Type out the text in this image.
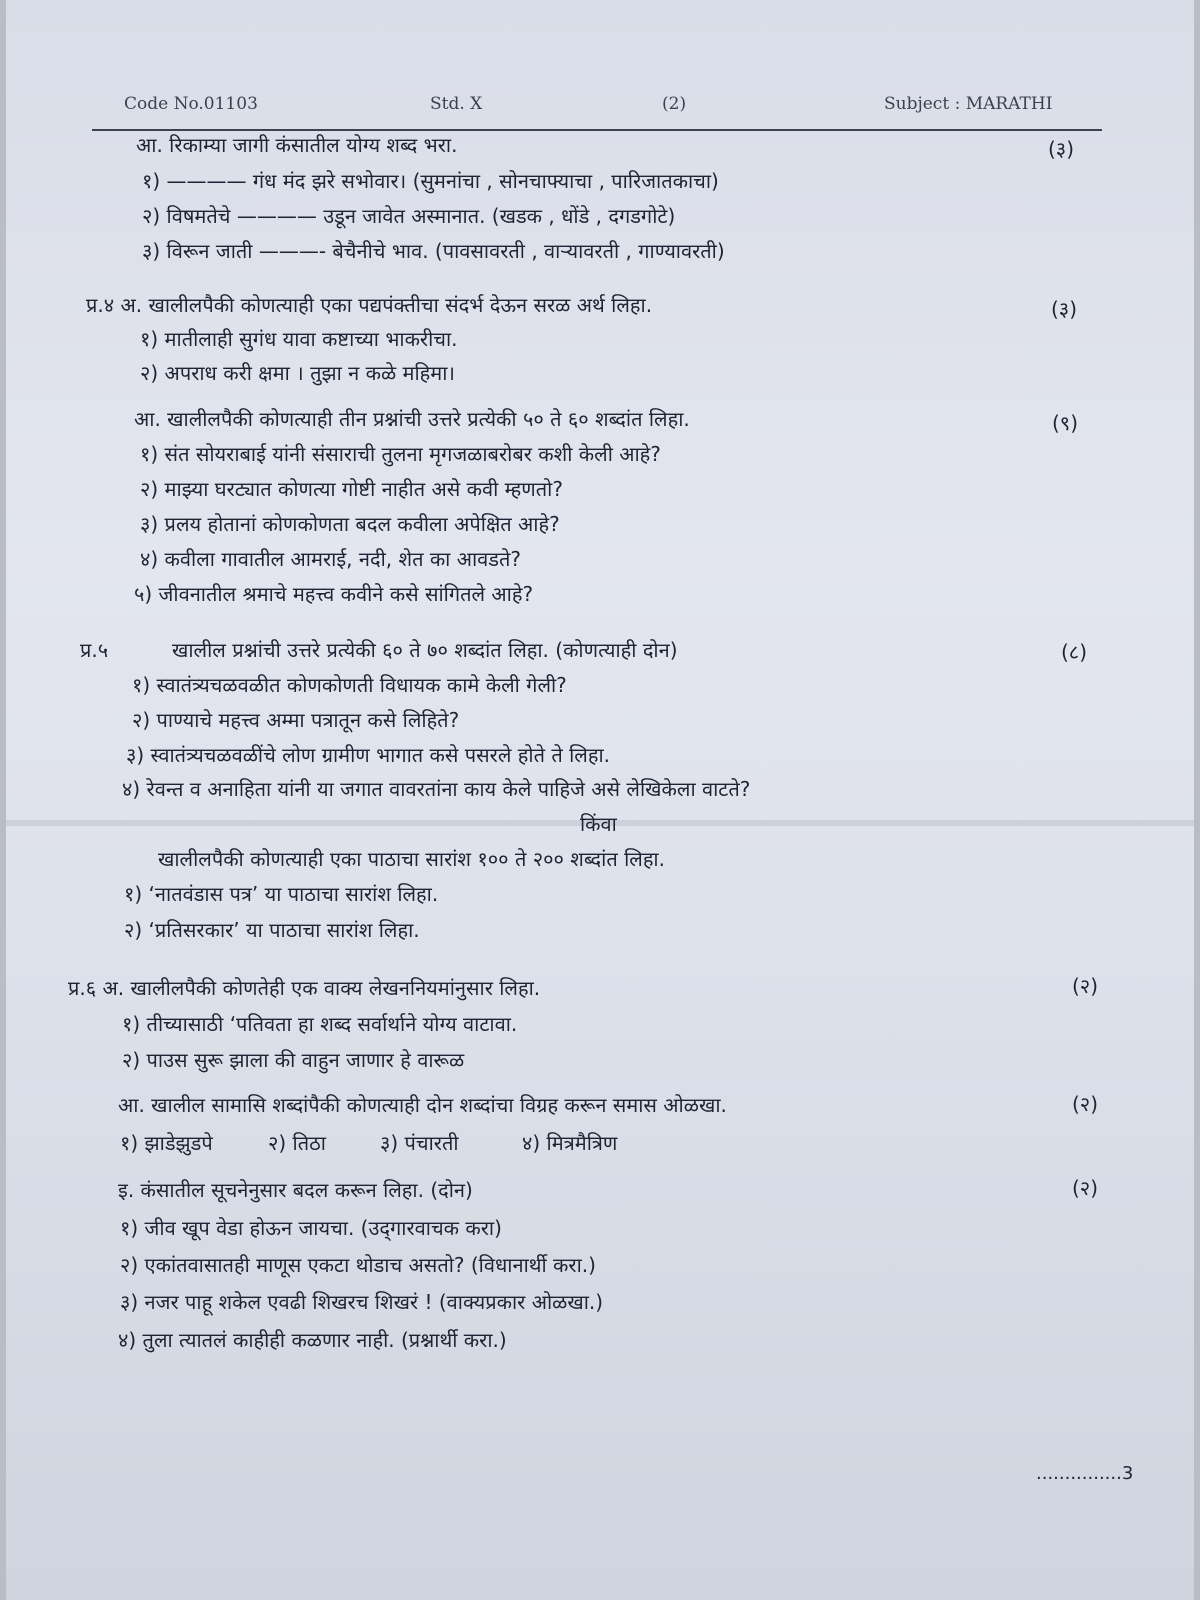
Code No.01103	Std. X	(2)	Subject : MARATHI
आ. रिकाम्या जागी कंसातील योग्य शब्द भरा.	(३)
१) ———— गंध मंद झरे सभोवार। (सुमनांचा , सोनचाफ्याचा , पारिजातकाचा)
२) विषमतेचे ———— उडून जावेत अस्मानात. (खडक , धोंडे , दगडगोटे)
३) विरून जाती ———- बेचैनीचे भाव. (पावसावरती , वाऱ्यावरती , गाण्यावरती)
प्र.४ अ. खालीलपैकी कोणत्याही एका पद्यपंक्तीचा संदर्भ देऊन सरळ अर्थ लिहा.	(३)
१) मातीलाही सुगंध यावा कष्टाच्या भाकरीचा.
२) अपराध करी क्षमा । तुझा न कळे महिमा।
आ. खालीलपैकी कोणत्याही तीन प्रश्नांची उत्तरे प्रत्येकी ५० ते ६० शब्दांत लिहा.	(९)
१) संत सोयराबाई यांनी संसाराची तुलना मृगजळाबरोबर कशी केली आहे?
२) माझ्या घरट्यात कोणत्या गोष्टी नाहीत असे कवी म्हणतो?
३) प्रलय होतानां कोणकोणता बदल कवीला अपेक्षित आहे?
४) कवीला गावातील आमराई, नदी, शेत का आवडते?
५) जीवनातील श्रमाचे महत्त्व कवीने कसे सांगितले आहे?
प्र.५	खालील प्रश्नांची उत्तरे प्रत्येकी ६० ते ७० शब्दांत लिहा. (कोणत्याही दोन)	(८)
१) स्वातंत्र्यचळवळीत कोणकोणती विधायक कामे केली गेली?
२) पाण्याचे महत्त्व अम्मा पत्रातून कसे लिहिते?
३) स्वातंत्र्यचळवळींचे लोण ग्रामीण भागात कसे पसरले होते ते लिहा.
४) रेवन्त व अनाहिता यांनी या जगात वावरतांना काय केले पाहिजे असे लेखिकेला वाटते?
किंवा
खालीलपैकी कोणत्याही एका पाठाचा सारांश १०० ते २०० शब्दांत लिहा.
१) ‘नातवंडास पत्र’ या पाठाचा सारांश लिहा.
२) ‘प्रतिसरकार’ या पाठाचा सारांश लिहा.
प्र.६ अ. खालीलपैकी कोणतेही एक वाक्य लेखननियमांनुसार लिहा.	(२)
१) तीच्यासाठी ‘पतिवता हा शब्द सर्वार्थाने योग्य वाटावा.
२) पाउस सुरू झाला की वाहुन जाणार हे वारूळ
आ. खालील सामासि शब्दांपैकी कोणत्याही दोन शब्दांचा विग्रह करून समास ओळखा.	(२)
१) झाडेझुडपे	२) तिठा	३) पंचारती	४) मित्रमैत्रिण
इ. कंसातील सूचनेनुसार बदल करून लिहा. (दोन)	(२)
१) जीव खूप वेडा होऊन जायचा. (उद्‌गारवाचक करा)
२) एकांतवासातही माणूस एकटा थोडाच असतो? (विधानार्थी करा.)
३) नजर पाहू शकेल एवढी शिखरच शिखरं ! (वाक्यप्रकार ओळखा.)
४) तुला त्यातलं काहीही कळणार नाही. (प्रश्नार्थी करा.)
...............3
